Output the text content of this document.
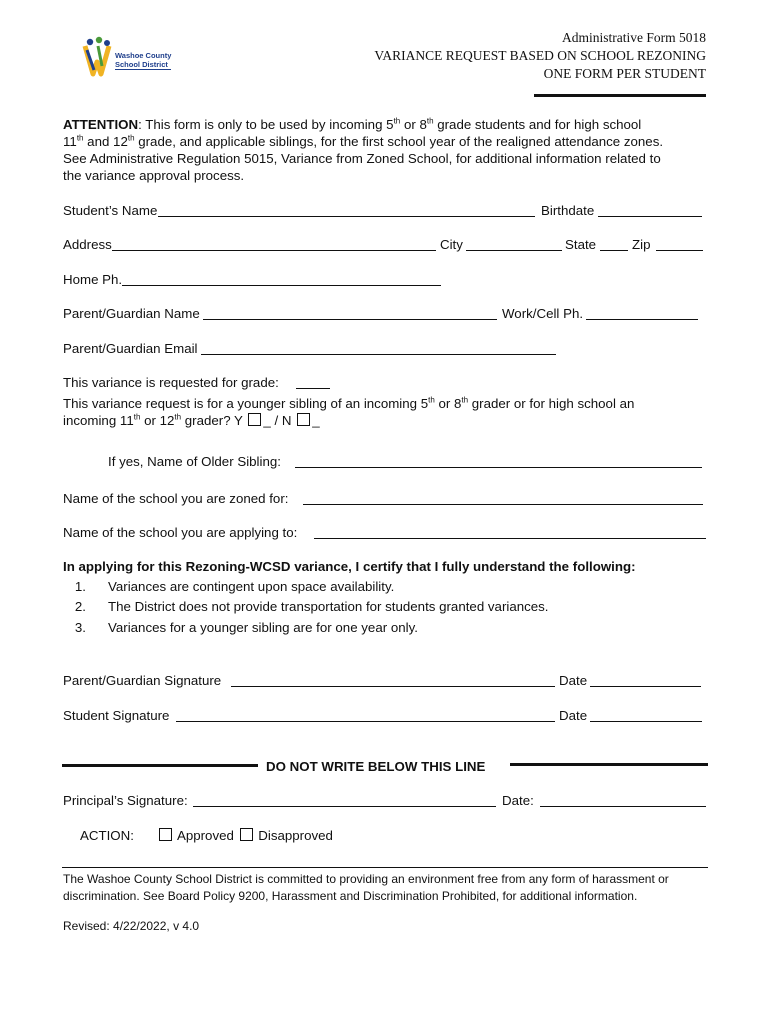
Washoe County
School District
Administrative Form 5018
VARIANCE REQUEST BASED ON SCHOOL REZONING
ONE FORM PER STUDENT
ATTENTION: This form is only to be used by incoming 5th or 8th grade students and for high school
11th and 12th grade, and applicable siblings, for the first school year of the realigned attendance zones.
See Administrative Regulation 5015, Variance from Zoned School, for additional information related to
the variance approval process.
Student’s Name	Birthdate
Address	City	State	Zip
Home Ph.
Parent/Guardian Name	Work/Cell Ph.
Parent/Guardian Email
This variance is requested for grade:
This variance request is for a younger sibling of an incoming 5th or 8th grader or for high school an
incoming 11th or 12th grader? Y _ / N _
If yes, Name of Older Sibling:
Name of the school you are zoned for:
Name of the school you are applying to:
In applying for this Rezoning-WCSD variance, I certify that I fully understand the following:
1. Variances are contingent upon space availability.
2. The District does not provide transportation for students granted variances.
3. Variances for a younger sibling are for one year only.
Parent/Guardian Signature	Date
Student Signature	Date
DO NOT WRITE BELOW THIS LINE
Principal’s Signature:	Date:
ACTION:	Approved Disapproved
The Washoe County School District is committed to providing an environment free from any form of harassment or
discrimination. See Board Policy 9200, Harassment and Discrimination Prohibited, for additional information.
Revised: 4/22/2022, v 4.0
